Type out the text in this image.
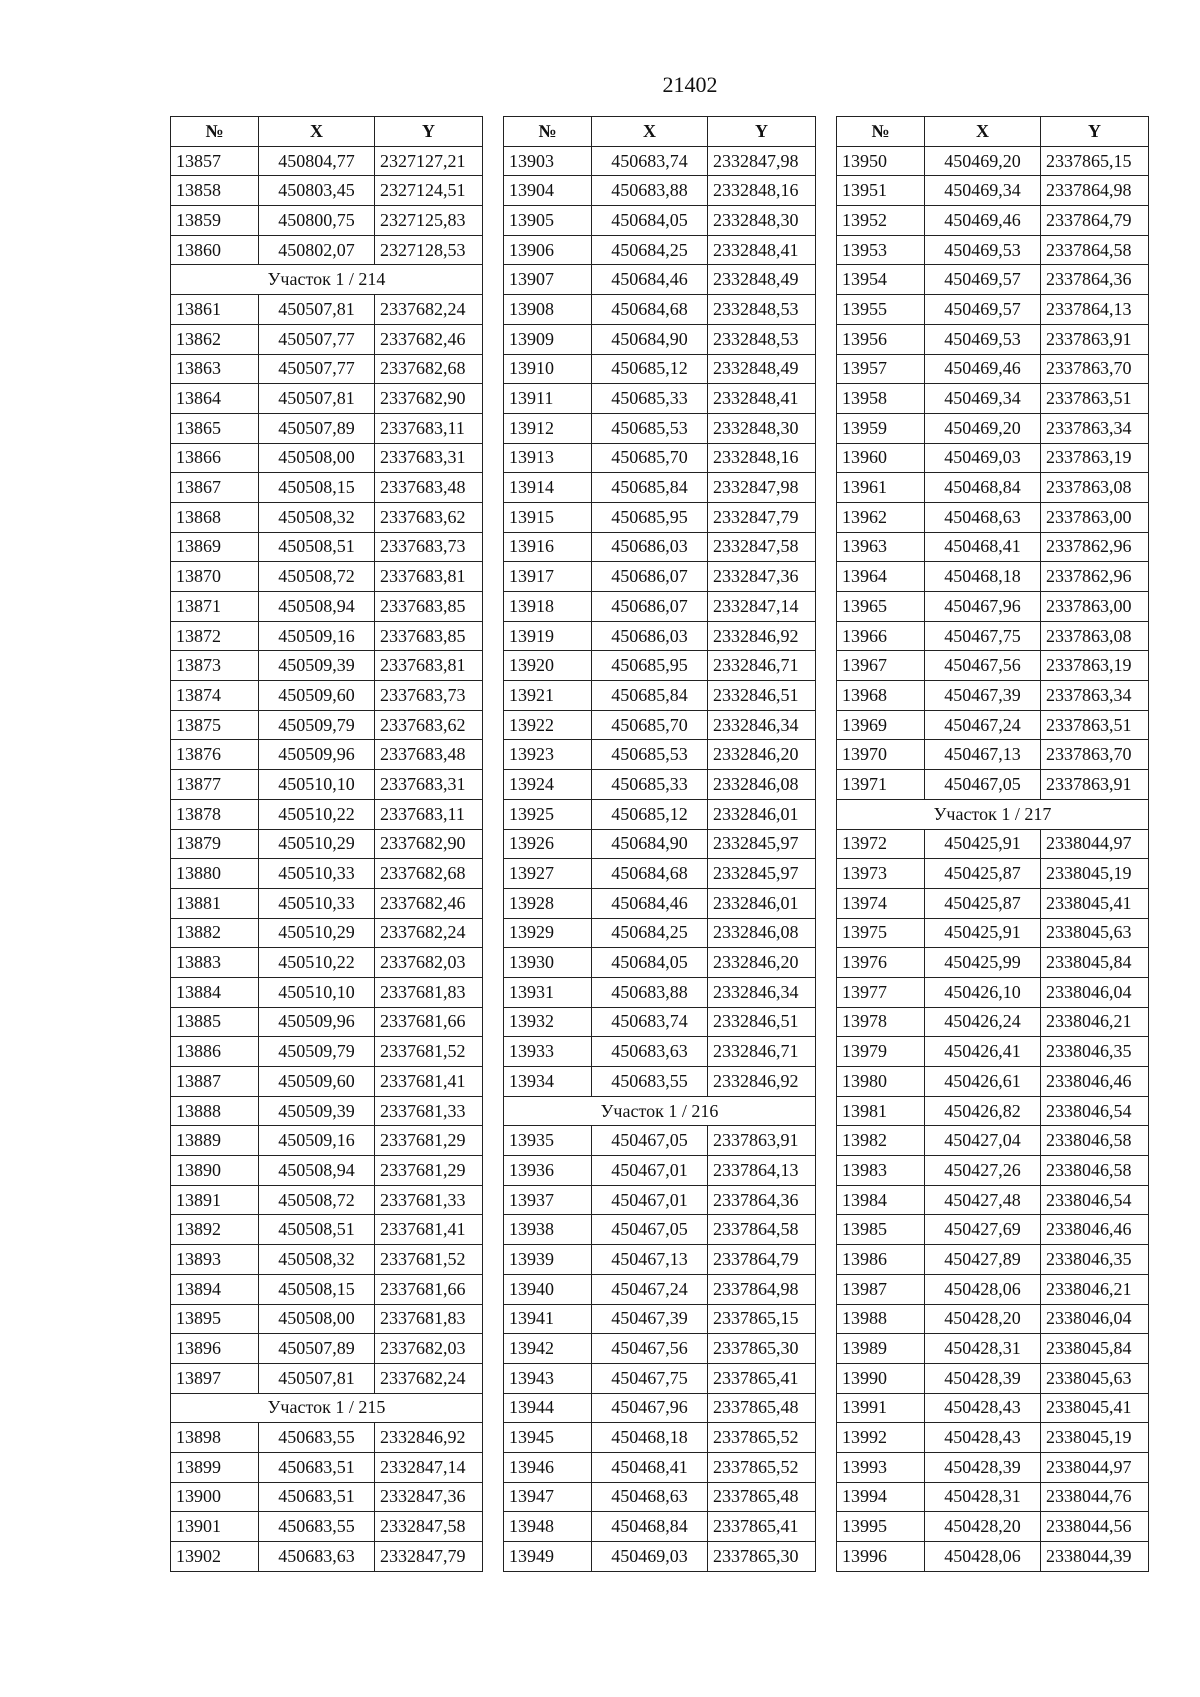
21402
№	X	Y
13857	450804,77	2327127,21
13858	450803,45	2327124,51
13859	450800,75	2327125,83
13860	450802,07	2327128,53
Участок 1 / 214		
13861	450507,81	2337682,24
13862	450507,77	2337682,46
13863	450507,77	2337682,68
13864	450507,81	2337682,90
13865	450507,89	2337683,11
13866	450508,00	2337683,31
13867	450508,15	2337683,48
13868	450508,32	2337683,62
13869	450508,51	2337683,73
13870	450508,72	2337683,81
13871	450508,94	2337683,85
13872	450509,16	2337683,85
13873	450509,39	2337683,81
13874	450509,60	2337683,73
13875	450509,79	2337683,62
13876	450509,96	2337683,48
13877	450510,10	2337683,31
13878	450510,22	2337683,11
13879	450510,29	2337682,90
13880	450510,33	2337682,68
13881	450510,33	2337682,46
13882	450510,29	2337682,24
13883	450510,22	2337682,03
13884	450510,10	2337681,83
13885	450509,96	2337681,66
13886	450509,79	2337681,52
13887	450509,60	2337681,41
13888	450509,39	2337681,33
13889	450509,16	2337681,29
13890	450508,94	2337681,29
13891	450508,72	2337681,33
13892	450508,51	2337681,41
13893	450508,32	2337681,52
13894	450508,15	2337681,66
13895	450508,00	2337681,83
13896	450507,89	2337682,03
13897	450507,81	2337682,24
Участок 1 / 215		
13898	450683,55	2332846,92
13899	450683,51	2332847,14
13900	450683,51	2332847,36
13901	450683,55	2332847,58
13902	450683,63	2332847,79
№	X	Y
13903	450683,74	2332847,98
13904	450683,88	2332848,16
13905	450684,05	2332848,30
13906	450684,25	2332848,41
13907	450684,46	2332848,49
13908	450684,68	2332848,53
13909	450684,90	2332848,53
13910	450685,12	2332848,49
13911	450685,33	2332848,41
13912	450685,53	2332848,30
13913	450685,70	2332848,16
13914	450685,84	2332847,98
13915	450685,95	2332847,79
13916	450686,03	2332847,58
13917	450686,07	2332847,36
13918	450686,07	2332847,14
13919	450686,03	2332846,92
13920	450685,95	2332846,71
13921	450685,84	2332846,51
13922	450685,70	2332846,34
13923	450685,53	2332846,20
13924	450685,33	2332846,08
13925	450685,12	2332846,01
13926	450684,90	2332845,97
13927	450684,68	2332845,97
13928	450684,46	2332846,01
13929	450684,25	2332846,08
13930	450684,05	2332846,20
13931	450683,88	2332846,34
13932	450683,74	2332846,51
13933	450683,63	2332846,71
13934	450683,55	2332846,92
Участок 1 / 216		
13935	450467,05	2337863,91
13936	450467,01	2337864,13
13937	450467,01	2337864,36
13938	450467,05	2337864,58
13939	450467,13	2337864,79
13940	450467,24	2337864,98
13941	450467,39	2337865,15
13942	450467,56	2337865,30
13943	450467,75	2337865,41
13944	450467,96	2337865,48
13945	450468,18	2337865,52
13946	450468,41	2337865,52
13947	450468,63	2337865,48
13948	450468,84	2337865,41
13949	450469,03	2337865,30
№	X	Y
13950	450469,20	2337865,15
13951	450469,34	2337864,98
13952	450469,46	2337864,79
13953	450469,53	2337864,58
13954	450469,57	2337864,36
13955	450469,57	2337864,13
13956	450469,53	2337863,91
13957	450469,46	2337863,70
13958	450469,34	2337863,51
13959	450469,20	2337863,34
13960	450469,03	2337863,19
13961	450468,84	2337863,08
13962	450468,63	2337863,00
13963	450468,41	2337862,96
13964	450468,18	2337862,96
13965	450467,96	2337863,00
13966	450467,75	2337863,08
13967	450467,56	2337863,19
13968	450467,39	2337863,34
13969	450467,24	2337863,51
13970	450467,13	2337863,70
13971	450467,05	2337863,91
Участок 1 / 217		
13972	450425,91	2338044,97
13973	450425,87	2338045,19
13974	450425,87	2338045,41
13975	450425,91	2338045,63
13976	450425,99	2338045,84
13977	450426,10	2338046,04
13978	450426,24	2338046,21
13979	450426,41	2338046,35
13980	450426,61	2338046,46
13981	450426,82	2338046,54
13982	450427,04	2338046,58
13983	450427,26	2338046,58
13984	450427,48	2338046,54
13985	450427,69	2338046,46
13986	450427,89	2338046,35
13987	450428,06	2338046,21
13988	450428,20	2338046,04
13989	450428,31	2338045,84
13990	450428,39	2338045,63
13991	450428,43	2338045,41
13992	450428,43	2338045,19
13993	450428,39	2338044,97
13994	450428,31	2338044,76
13995	450428,20	2338044,56
13996	450428,06	2338044,39
